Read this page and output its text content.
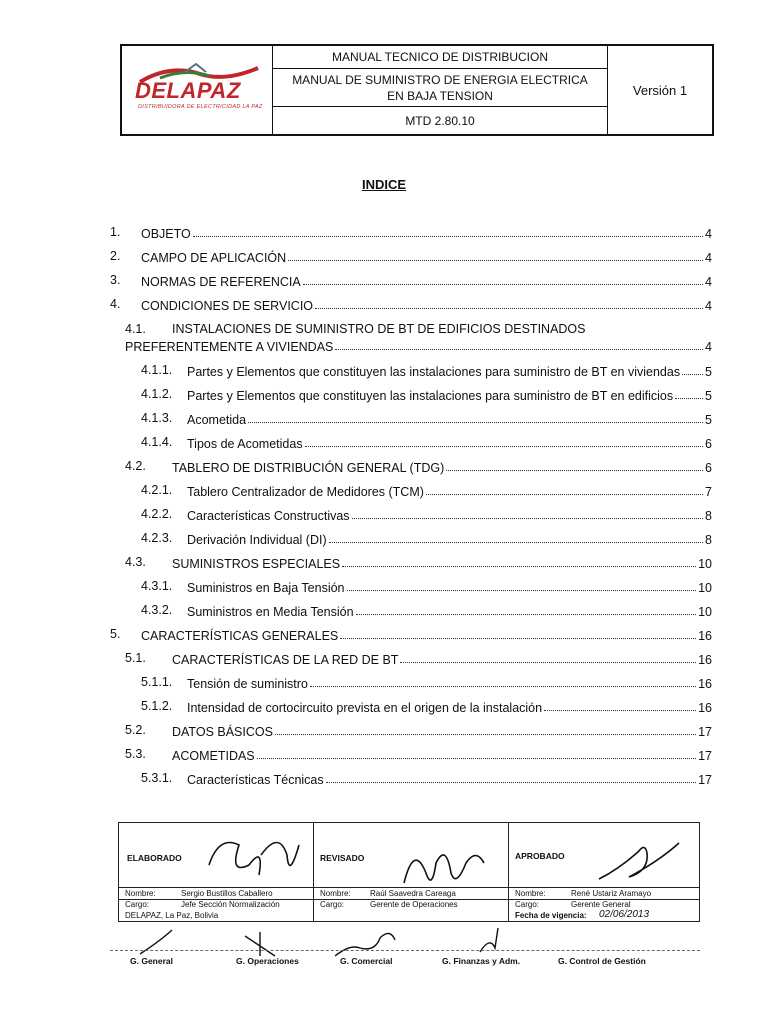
DELAPAZ
DISTRIBUIDORA DE ELECTRICIDAD LA PAZ
MANUAL TECNICO DE DISTRIBUCION
MANUAL DE SUMINISTRO DE ENERGIA ELECTRICA
EN BAJA TENSION
MTD 2.80.10
Versión 1
INDICE
1. OBJETO	4
2. CAMPO DE APLICACIÓN	4
3. NORMAS DE REFERENCIA	4
4. CONDICIONES DE SERVICIO	4
4.1. INSTALACIONES DE SUMINISTRO DE BT DE EDIFICIOS DESTINADOS
PREFERENTEMENTE A VIVIENDAS	4
4.1.1. Partes y Elementos que constituyen las instalaciones para suministro de BT en viviendas 5
4.1.2. Partes y Elementos que constituyen las instalaciones para suministro de BT en edificios	5
4.1.3. Acometida	5
4.1.4. Tipos de Acometidas	6
4.2. TABLERO DE DISTRIBUCIÓN GENERAL (TDG)	6
4.2.1. Tablero Centralizador de Medidores (TCM)	7
4.2.2. Características Constructivas	8
4.2.3. Derivación Individual (DI)	8
4.3. SUMINISTROS ESPECIALES	10
4.3.1. Suministros en Baja Tensión	10
4.3.2. Suministros en Media Tensión	10
5. CARACTERÍSTICAS GENERALES	16
5.1. CARACTERÍSTICAS DE LA RED DE BT	16
5.1.1. Tensión de suministro	16
5.1.2. Intensidad de cortocircuito prevista en el origen de la instalación	16
5.2. DATOS BÁSICOS	17
5.3. ACOMETIDAS	17
5.3.1. Características Técnicas	17
ELABORADO
Nombre:	Sergio Bustillos Caballero
Cargo:	Jefe Sección Normalización
DELAPAZ, La Paz, Bolivia
REVISADO
Nombre: Raúl Saavedra Careaga
Cargo:	Gerente de Operaciones
APROBADO
Nombre:	René Ustariz Aramayo
Cargo:	Gerente General
Fecha de vigencia: 02/06/2013
G. General	G. Operaciones	G. Comercial	G. Finanzas y Adm.	G. Control de Gestión
